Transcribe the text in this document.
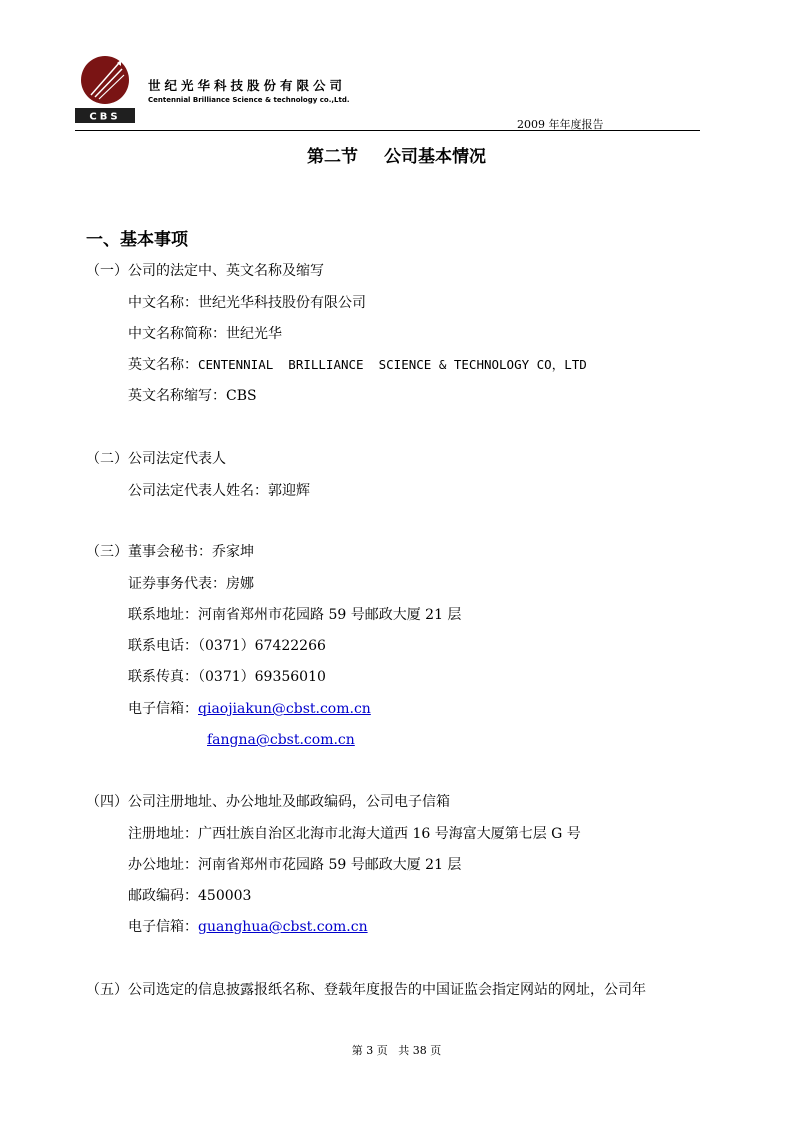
CBS
世纪光华科技股份有限公司
Centennial Brilliance Science & technology co.,Ltd.
2009 年年度报告
第二节 公司基本情况
一、基本事项
（一）公司的法定中、英文名称及缩写
中文名称：世纪光华科技股份有限公司
中文名称简称：世纪光华
英文名称：CENTENNIAL  BRILLIANCE  SCIENCE & TECHNOLOGY CO，LTD
英文名称缩写：CBS
（二）公司法定代表人
公司法定代表人姓名：郭迎辉
（三）董事会秘书：乔家坤
证券事务代表：房娜
联系地址：河南省郑州市花园路 59 号邮政大厦 21 层
联系电话：（0371）67422266
联系传真：（0371）69356010
电子信箱：qiaojiakun@cbst.com.cn
fangna@cbst.com.cn
（四）公司注册地址、办公地址及邮政编码，公司电子信箱
注册地址：广西壮族自治区北海市北海大道西 16 号海富大厦第七层 G 号
办公地址：河南省郑州市花园路 59 号邮政大厦 21 层
邮政编码：450003
电子信箱：guanghua@cbst.com.cn
（五）公司选定的信息披露报纸名称、登载年度报告的中国证监会指定网站的网址，公司年
第 3 页   共 38 页
